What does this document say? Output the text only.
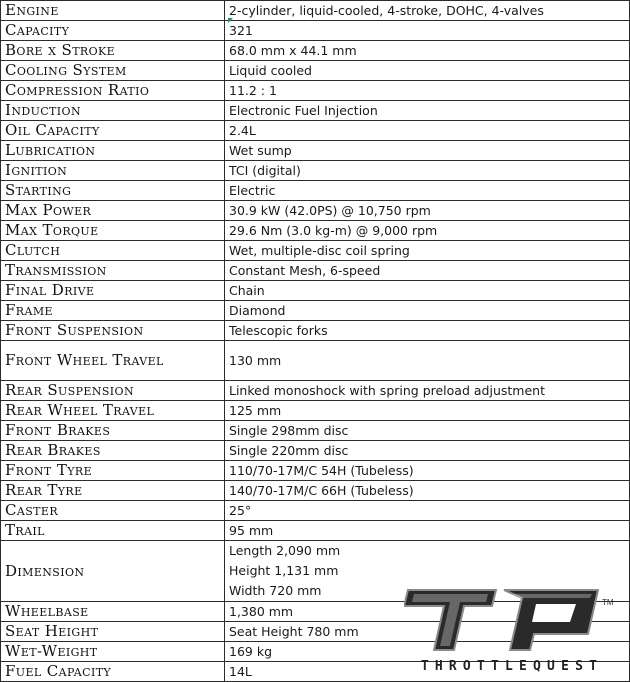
Engine	2-cylinder, liquid-cooled, 4-stroke, DOHC, 4-valves
Capacity	321
Bore x Stroke	68.0 mm x 44.1 mm
Cooling System	Liquid cooled
Compression Ratio	11.2 : 1
Induction	Electronic Fuel Injection
Oil Capacity	2.4L
Lubrication	Wet sump
Ignition	TCI (digital)
Starting	Electric
Max Power	30.9 kW (42.0PS) @ 10,750 rpm
Max Torque	29.6 Nm (3.0 kg-m) @ 9,000 rpm
Clutch	Wet, multiple-disc coil spring
Transmission	Constant Mesh, 6-speed
Final Drive	Chain
Frame	Diamond
Front Suspension	Telescopic forks
Front Wheel Travel	130 mm
Rear Suspension	Linked monoshock with spring preload adjustment
Rear Wheel Travel	125 mm
Front Brakes	Single 298mm disc
Rear Brakes	Single 220mm disc
Front Tyre	110/70-17M/C 54H (Tubeless)
Rear Tyre	140/70-17M/C 66H (Tubeless)
Caster	25°
Trail	95 mm
Dimension	Length 2,090 mm
Height 1,131 mm
Width 720 mm

Wheelbase	1,380 mm
Seat Height	Seat Height 780 mm
Wet-Weight	169 kg
Fuel Capacity	14L
TM
THROTTLEQUEST
